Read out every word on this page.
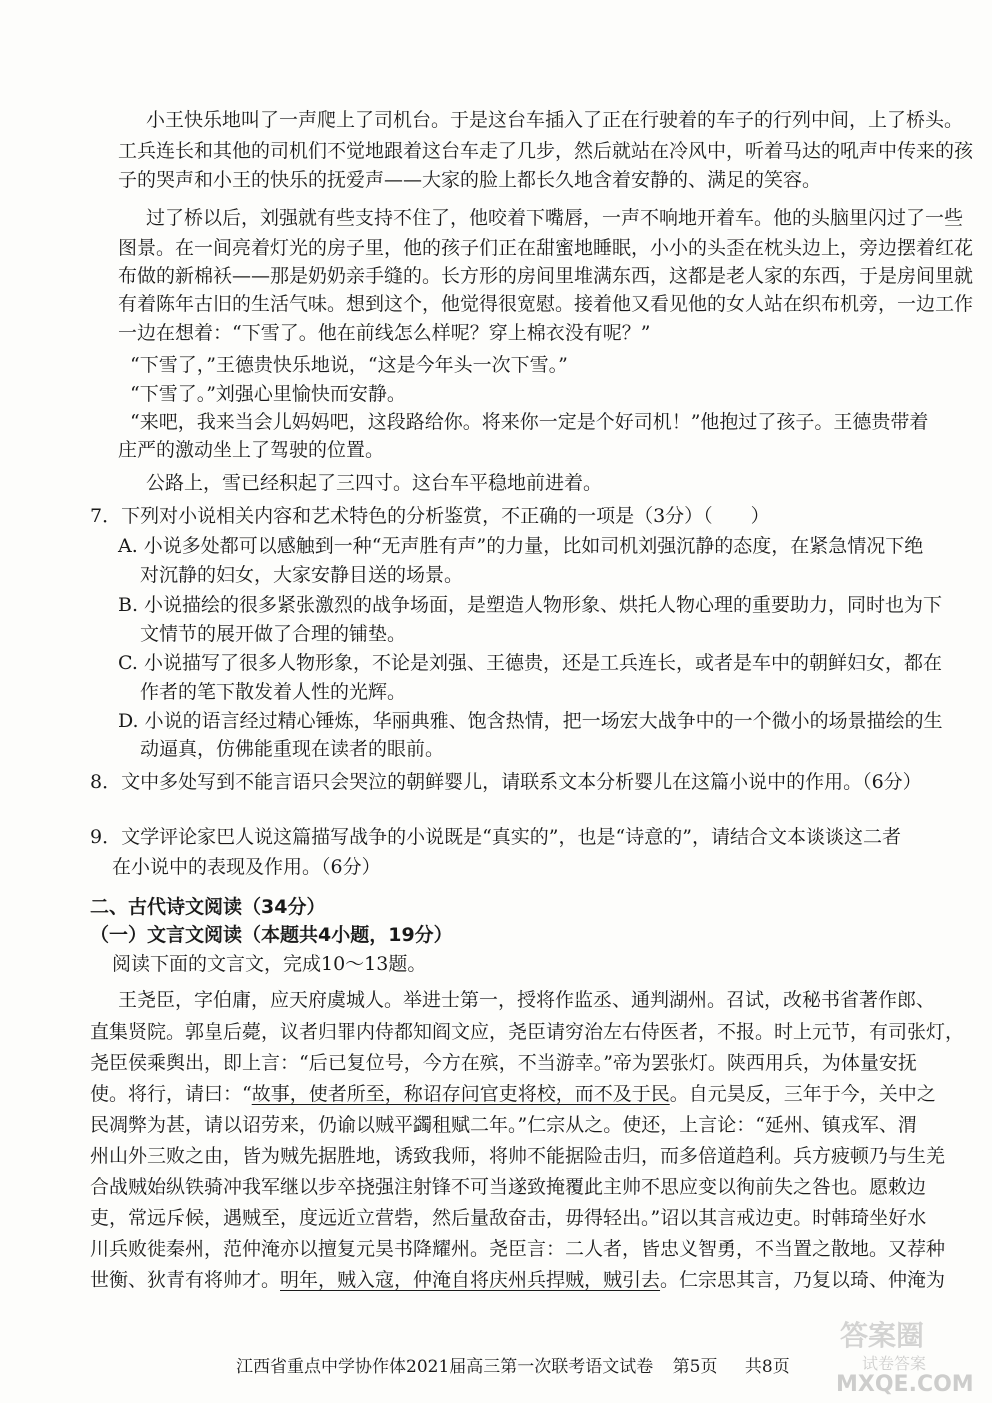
小王快乐地叫了一声爬上了司机台。于是这台车插入了正在行驶着的车子的行列中间，上了桥头。
工兵连长和其他的司机们不觉地跟着这台车走了几步，然后就站在冷风中，听着马达的吼声中传来的孩
子的哭声和小王的快乐的抚爱声——大家的脸上都长久地含着安静的、满足的笑容。
过了桥以后，刘强就有些支持不住了，他咬着下嘴唇，一声不响地开着车。他的头脑里闪过了一些
图景。在一间亮着灯光的房子里，他的孩子们正在甜蜜地睡眠，小小的头歪在枕头边上，旁边摆着红花
布做的新棉袄——那是奶奶亲手缝的。长方形的房间里堆满东西，这都是老人家的东西，于是房间里就
有着陈年古旧的生活气味。想到这个，他觉得很宽慰。接着他又看见他的女人站在织布机旁，一边工作
一边在想着：“下雪了。他在前线怎么样呢？穿上棉衣没有呢？”
“下雪了，”王德贵快乐地说，“这是今年头一次下雪。”
“下雪了。”刘强心里愉快而安静。
“来吧，我来当会儿妈妈吧，这段路给你。将来你一定是个好司机！”他抱过了孩子。王德贵带着
庄严的激动坐上了驾驶的位置。
公路上，雪已经积起了三四寸。这台车平稳地前进着。
7．下列对小说相关内容和艺术特色的分析鉴赏，不正确的一项是（3分）（　　）
A. 小说多处都可以感触到一种“无声胜有声”的力量，比如司机刘强沉静的态度，在紧急情况下绝
对沉静的妇女，大家安静目送的场景。
B. 小说描绘的很多紧张激烈的战争场面，是塑造人物形象、烘托人物心理的重要助力，同时也为下
文情节的展开做了合理的铺垫。
C. 小说描写了很多人物形象，不论是刘强、王德贵，还是工兵连长，或者是车中的朝鲜妇女，都在
作者的笔下散发着人性的光辉。
D. 小说的语言经过精心锤炼，华丽典雅、饱含热情，把一场宏大战争中的一个微小的场景描绘的生
动逼真，仿佛能重现在读者的眼前。
8．文中多处写到不能言语只会哭泣的朝鲜婴儿，请联系文本分析婴儿在这篇小说中的作用。（6分）
9．文学评论家巴人说这篇描写战争的小说既是“真实的”，也是“诗意的”，请结合文本谈谈这二者
在小说中的表现及作用。（6分）
二、古代诗文阅读（34分）
（一）文言文阅读（本题共4小题，19分）
阅读下面的文言文，完成10～13题。
王尧臣，字伯庸，应天府虞城人。举进士第一，授将作监丞、通判湖州。召试，改秘书省著作郎、
直集贤院。郭皇后薨，议者归罪内侍都知阎文应，尧臣请穷治左右侍医者，不报。时上元节，有司张灯，
尧臣侯乘舆出，即上言：“后已复位号，今方在殡，不当游幸。”帝为罢张灯。陕西用兵，为体量安抚
使。将行，请曰：“故事，使者所至，称诏存问官吏将校，而不及于民。自元昊反，三年于今，关中之
民凋弊为甚，请以诏劳来，仍谕以贼平蠲租赋二年。”仁宗从之。使还，上言论：“延州、镇戎军、渭
州山外三败之由，皆为贼先据胜地，诱致我师，将帅不能据险击归，而多倍道趋利。兵方疲顿乃与生羌
合战贼始纵铁骑冲我军继以步卒挠强注射锋不可当遂致掩覆此主帅不思应变以徇前失之咎也。愿敕边
吏，常远斥候，遇贼至，度远近立营砦，然后量敌奋击，毋得轻出。”诏以其言戒边吏。时韩琦坐好水
川兵败徙秦州，范仲淹亦以擅复元昊书降耀州。尧臣言：二人者，皆忠义智勇，不当置之散地。又荐种
世衡、狄青有将帅才。明年，贼入寇，仲淹自将庆州兵捍贼，贼引去。仁宗思其言，乃复以琦、仲淹为
江西省重点中学协作体2021届高三第一次联考语文试卷 第5页 共8页
答案圈
试卷答案
MXQE.COM
